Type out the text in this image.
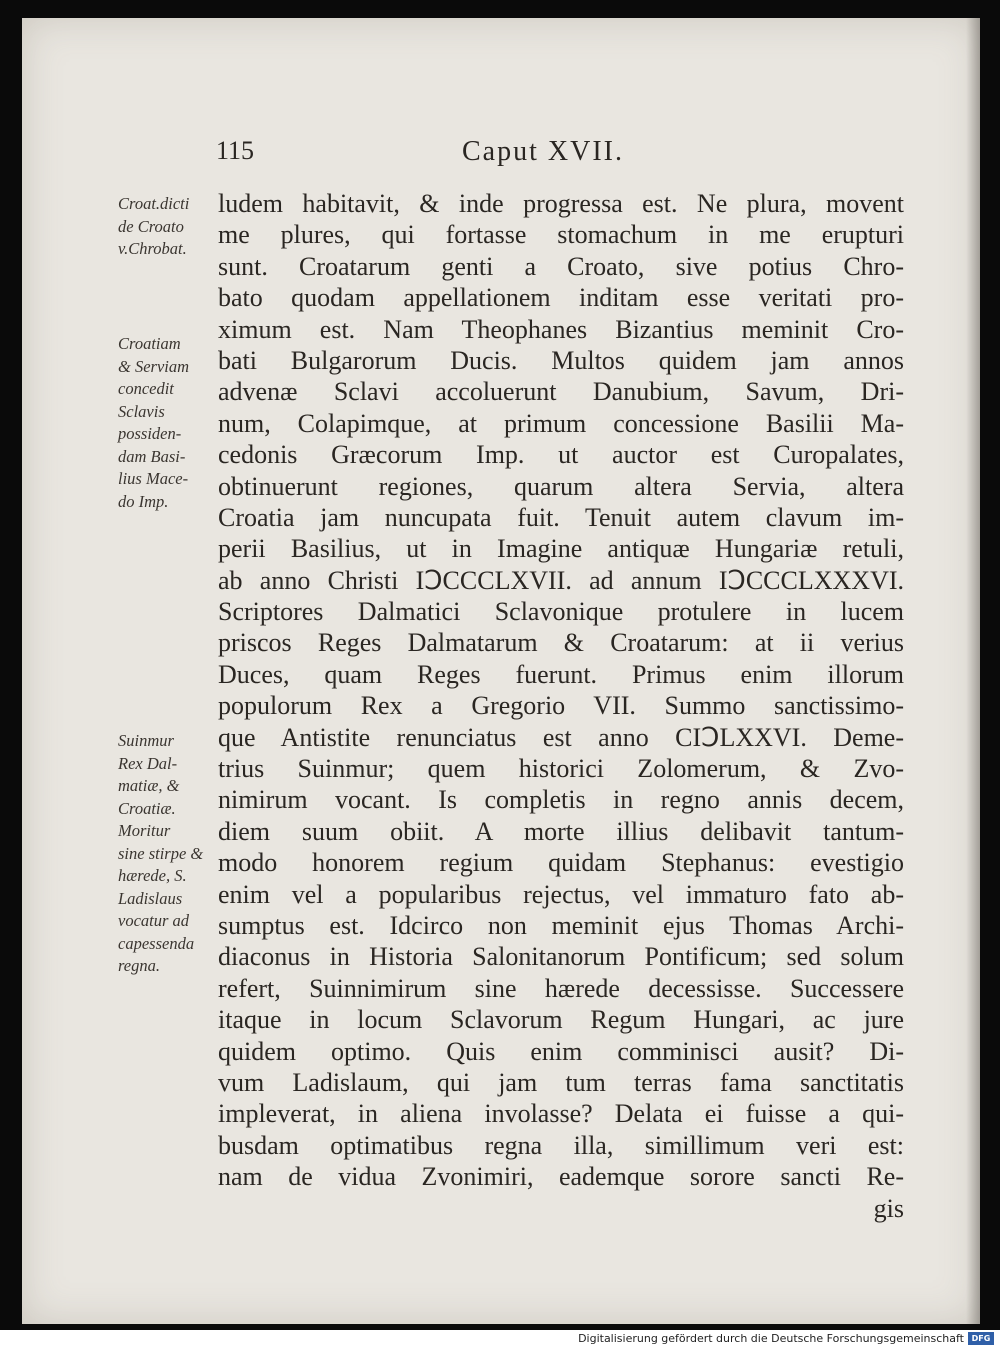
115	Caput XVII.
Croat.dicti
de Croato
v.Chrobat.
Croatiam
& Serviam
concedit
Sclavis
possiden-
dam Basi-
lius Mace-
do Imp.
Suinmur
Rex Dal-
matiæ, &
Croatiæ.
Moritur
sine stirpe &
hærede, S.
Ladislaus
vocatur ad
capessenda
regna.
ludem habitavit, & inde progressa est. Ne plura, movent
me plures, qui fortasse stomachum in me erupturi
sunt. Croatarum genti a Croato, sive potius Chro-
bato quodam appellationem inditam esse veritati pro-
ximum est. Nam Theophanes Bizantius meminit Cro-
bati Bulgarorum Ducis. Multos quidem jam annos
advenæ Sclavi accoluerunt Danubium, Savum, Dri-
num, Colapimque, at primum concessione Basilii Ma-
cedonis Græcorum Imp. ut auctor est Curopalates,
obtinuerunt regiones, quarum altera Servia, altera
Croatia jam nuncupata fuit. Tenuit autem clavum im-
perii Basilius, ut in Imagine antiquæ Hungariæ retuli,
ab anno Christi IↃCCCLXVII. ad annum IↃCCCLXXXVI.
Scriptores Dalmatici Sclavonique protulere in lucem
priscos Reges Dalmatarum & Croatarum: at ii verius
Duces, quam Reges fuerunt. Primus enim illorum
populorum Rex a Gregorio VII. Summo sanctissimo-
que Antistite renunciatus est anno CIↃLXXVI. Deme-
trius Suinmur; quem historici Zolomerum, & Zvo-
nimirum vocant. Is completis in regno annis decem,
diem suum obiit. A morte illius delibavit tantum-
modo honorem regium quidam Stephanus: evestigio
enim vel a popularibus rejectus, vel immaturo fato ab-
sumptus est. Idcirco non meminit ejus Thomas Archi-
diaconus in Historia Salonitanorum Pontificum; sed solum
refert, Suinnimirum sine hærede decessisse. Successere
itaque in locum Sclavorum Regum Hungari, ac jure
quidem optimo. Quis enim comminisci ausit? Di-
vum Ladislaum, qui jam tum terras fama sanctitatis
impleverat, in aliena involasse? Delata ei fuisse a qui-
busdam optimatibus regna illa, simillimum veri est:
nam de vidua Zvonimiri, eademque sorore sancti Re-
gis
Digitalisierung gefördert durch die Deutsche Forschungsgemeinschaft DFG
